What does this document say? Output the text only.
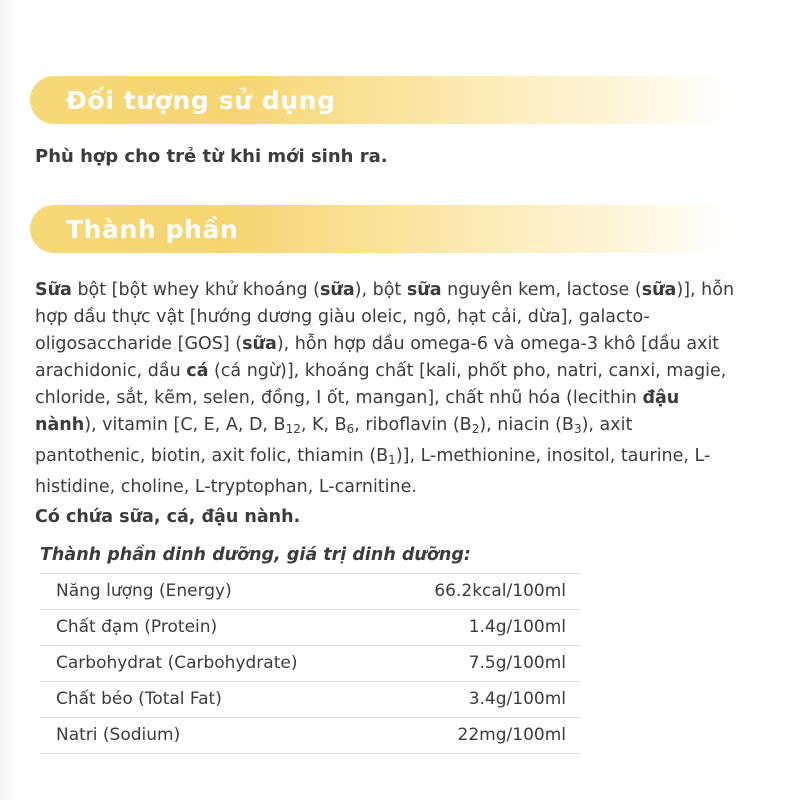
Đối tượng sử dụng
Phù hợp cho trẻ từ khi mới sinh ra.
Thành phần
Sữa bột [bột whey khử khoáng (sữa), bột sữa nguyên kem, lactose (sữa)], hỗn hợp dầu thực vật [hướng dương giàu oleic, ngô, hạt cải, dừa], galacto-oligosaccharide [GOS] (sữa), hỗn hợp dầu omega-6 và omega-3 khô [dầu axit arachidonic, dầu cá (cá ngừ)], khoáng chất [kali, phốt pho, natri, canxi, magie, chloride, sắt, kẽm, selen, đồng, I ốt, mangan], chất nhũ hóa (lecithin đậu nành), vitamin [C, E, A, D, $B_{12}$, K, $B_6$, riboflavin $(B_2)$, niacin $(B_3)$, axit pantothenic, biotin, axit folic, thiamin $(B_1)$], L-methionine, inositol, taurine, L-histidine, choline, L-tryptophan, L-carnitine.
Có chứa sữa, cá, đậu nành.
Thành phần dinh dưỡng, giá trị dinh dưỡng:
Năng lượng (Energy)	66.2kcal/100ml
Chất đạm (Protein)	1.4g/100ml
Carbohydrat (Carbohydrate)	7.5g/100ml
Chất béo (Total Fat)	3.4g/100ml
Natri (Sodium)	22mg/100ml
